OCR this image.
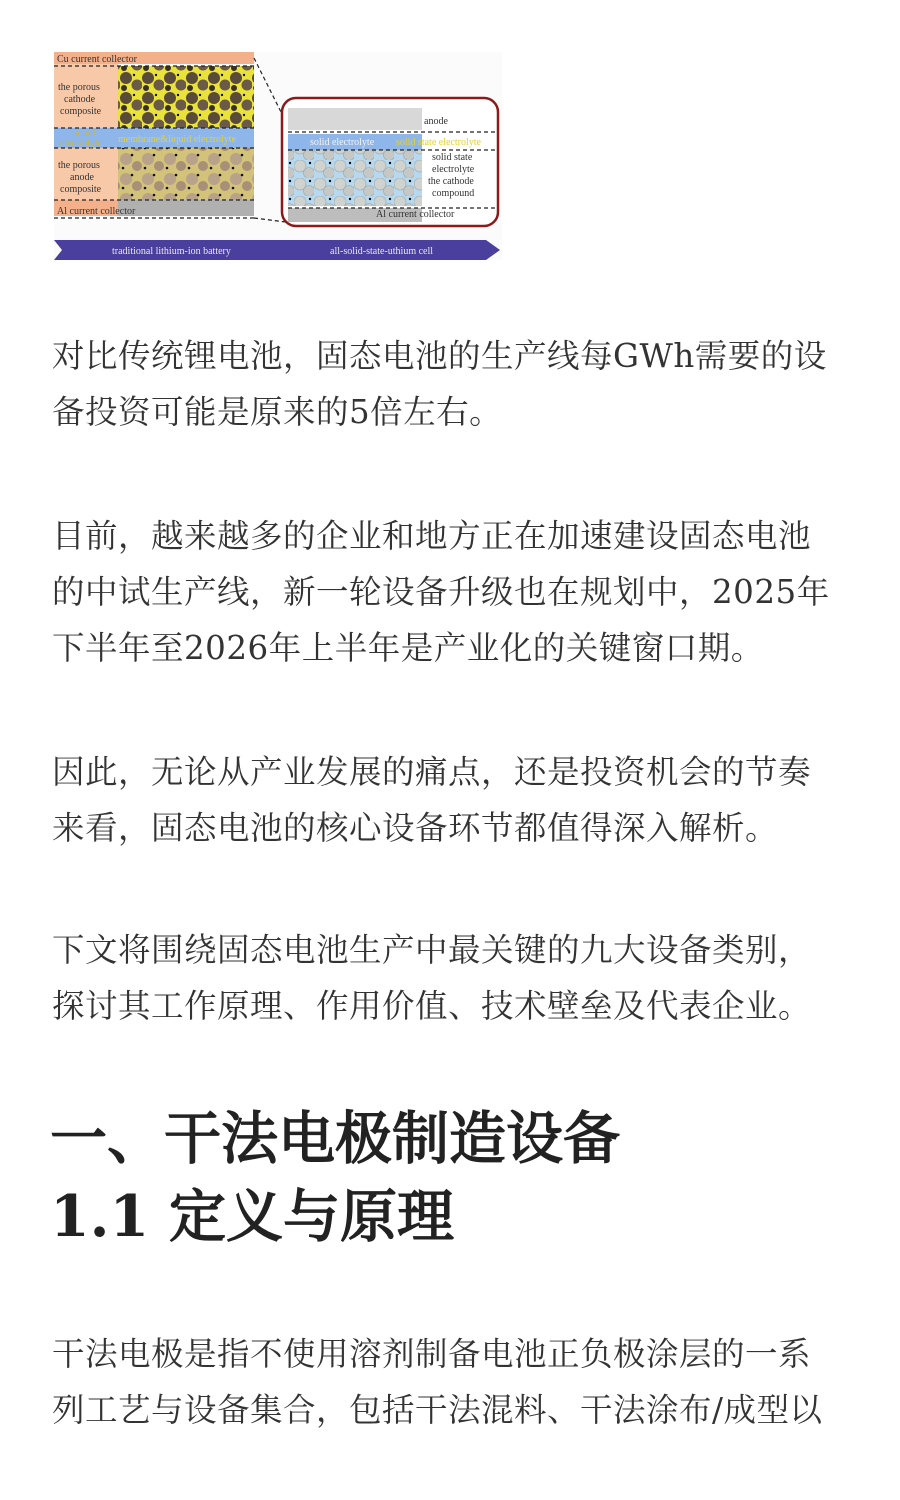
Cu current collector
the porous
cathode
composite
liquid
electrolyte membrane&liquid electrolyte
the porous
anode
composite
Al current collector
anode
solid electrolyte solid state electrolyte
solid state
electrolyte
the cathode
compound
Al current collector
traditional lithium-ion battery	all-solid-state-uthium cell

对比传统锂电池，固态电池的生产线每GWh需要的设
备投资可能是原来的5倍左右。

目前，越来越多的企业和地方正在加速建设固态电池
的中试生产线，新一轮设备升级也在规划中，2025年
下半年至2026年上半年是产业化的关键窗口期。

因此，无论从产业发展的痛点，还是投资机会的节奏
来看，固态电池的核心设备环节都值得深入解析。

下文将围绕固态电池生产中最关键的九大设备类别，
探讨其工作原理、作用价值、技术壁垒及代表企业。

一、干法电极制造设备
1.1 定义与原理

干法电极是指不使用溶剂制备电池正负极涂层的一系
列工艺与设备集合，包括干法混料、干法涂布/成型以
